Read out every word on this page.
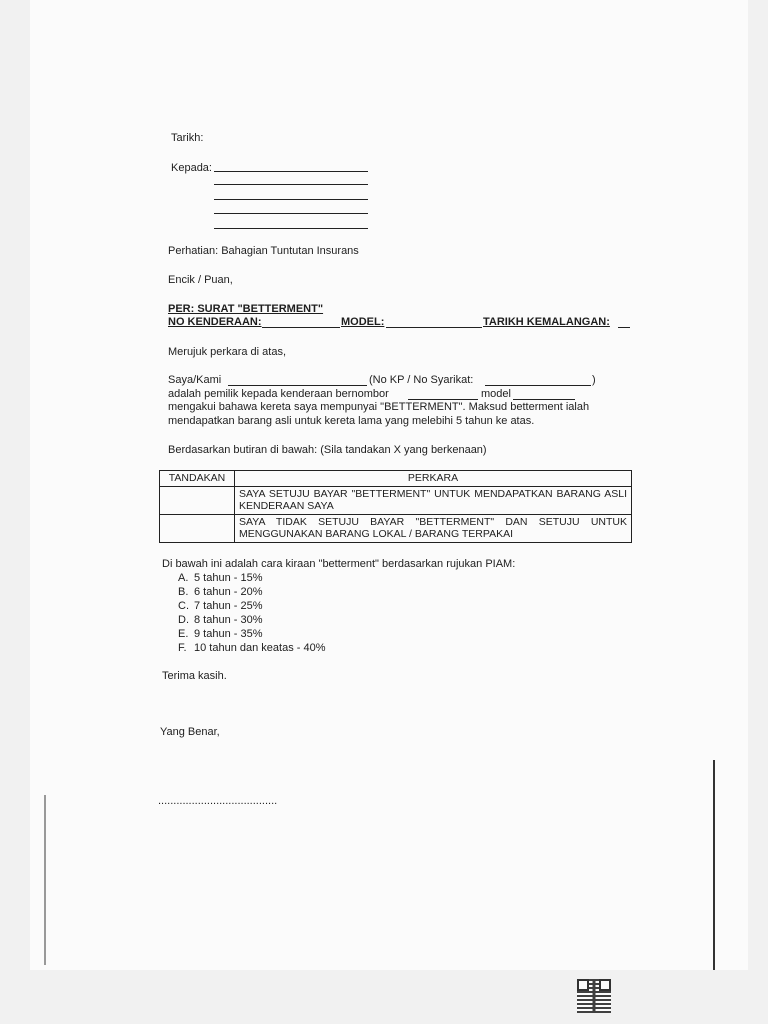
Tarikh:
Kepada:
Perhatian: Bahagian Tuntutan Insurans
Encik / Puan,
PER: SURAT "BETTERMENT"
NO KENDERAAN:	MODEL:	TARIKH KEMALANGAN:
Merujuk perkara di atas,
Saya/Kami	(No KP / No Syarikat:	)
adalah pemilik kepada kenderaan bernombor	model
mengakui bahawa kereta saya mempunyai "BETTERMENT". Maksud betterment ialah
mendapatkan barang asli untuk kereta lama yang melebihi 5 tahun ke atas.
Berdasarkan butiran di bawah: (Sila tandakan X yang berkenaan)
TANDAKAN	PERKARA
	SAYA SETUJU BAYAR "BETTERMENT" UNTUK MENDAPATKAN BARANG ASLI KENDERAAN SAYA
	SAYA TIDAK SETUJU BAYAR "BETTERMENT" DAN SETUJU UNTUK MENGGUNAKAN BARANG LOKAL / BARANG TERPAKAI
Di bawah ini adalah cara kiraan "betterment" berdasarkan rujukan PIAM:
A. 5 tahun - 15%
B. 6 tahun - 20%
C. 7 tahun - 25%
D. 8 tahun - 30%
E. 9 tahun - 35%
F. 10 tahun dan keatas - 40%
Terima kasih.
Yang Benar,
.......................................
